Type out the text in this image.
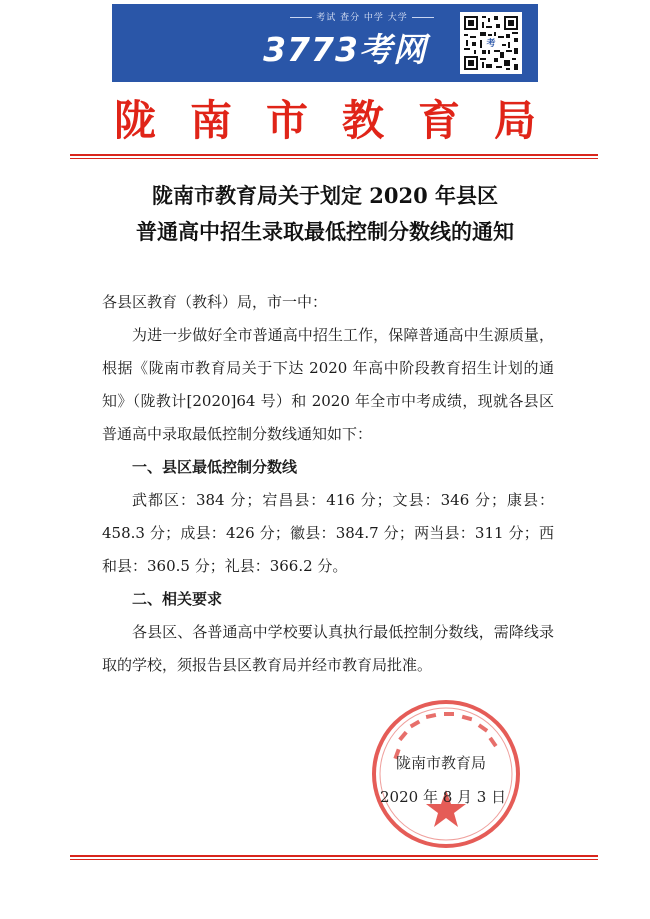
考试 查分 中学 大学
3773考网	考
陇南市教育局
陇南市教育局关于划定 2020 年县区
普通高中招生录取最低控制分数线的通知

各县区教育（教科）局，市一中：

为进一步做好全市普通高中招生工作，保障普通高中生源质量，根据《陇南市教育局关于下达 2020 年高中阶段教育招生计划的通知》（陇教计[2020]64 号）和 2020 年全市中考成绩，现就各县区普通高中录取最低控制分数线通知如下：

一、县区最低控制分数线

武都区：384 分；宕昌县：416 分；文县：346 分；康县：458.3 分；成县：426 分；徽县：384.7 分；两当县：311 分；西和县：360.5 分；礼县：366.2 分。

二、相关要求

各县区、各普通高中学校要认真执行最低控制分数线，需降线录取的学校，须报告县区教育局并经市教育局批准。

陇南市教育局
2020 年 8 月 3 日
